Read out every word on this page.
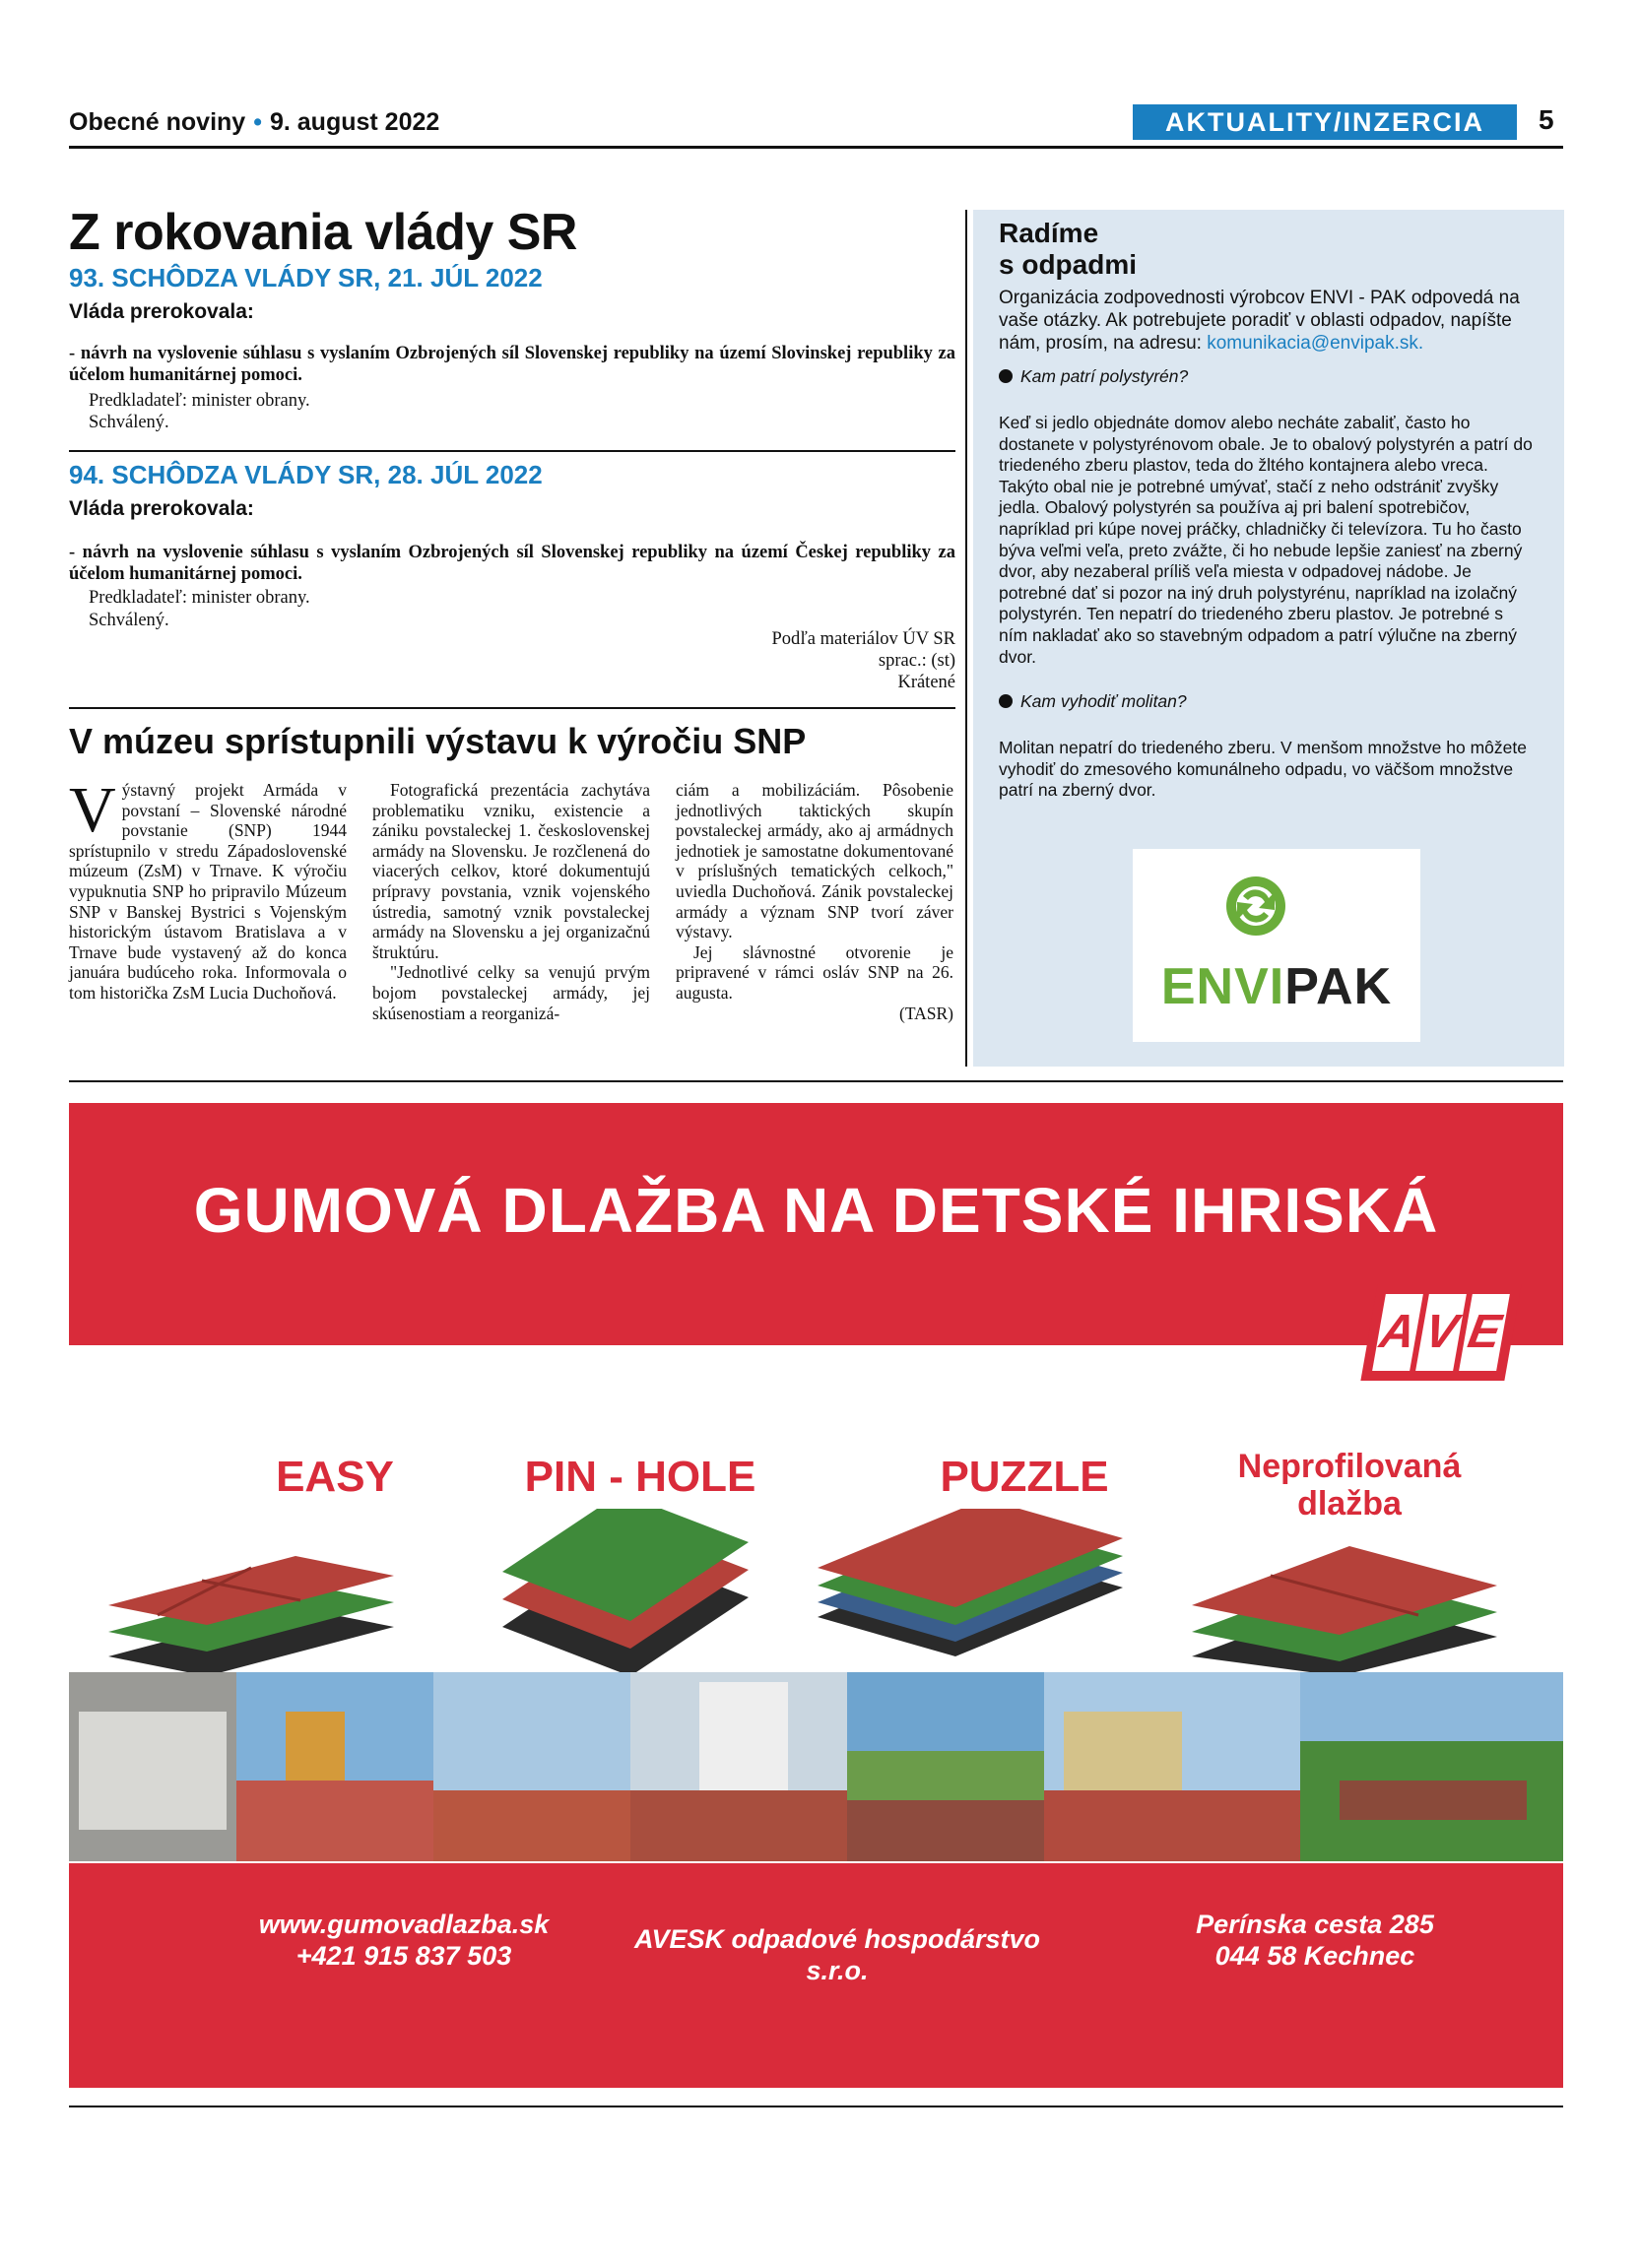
Obecné noviny • 9. august 2022	AKTUALITY/INZERCIA	5
Z rokovania vlády SR
93. SCHÔDZA VLÁDY SR, 21. JÚL 2022
Vláda prerokovala:
- návrh na vyslovenie súhlasu s vyslaním Ozbrojených síl Slovenskej republiky na území Slovinskej republiky za účelom humanitárnej pomoci.
Predkladateľ: minister obrany.
Schválený.
94. SCHÔDZA VLÁDY SR, 28. JÚL 2022
Vláda prerokovala:
- návrh na vyslovenie súhlasu s vyslaním Ozbrojených síl Slovenskej republiky na území Českej republiky za účelom humanitárnej pomoci.
Predkladateľ: minister obrany.
Schválený.
Podľa materiálov ÚV SR
sprac.: (st)
Krátené
V múzeu sprístupnili výstavu k výročiu SNP
Výstavný projekt Armáda v povstaní – Slovenské národné povstanie (SNP) 1944 sprístupnilo v stredu Západoslovenské múzeum (ZsM) v Trnave. K výročiu vypuknutia SNP ho pripravilo Múzeum SNP v Banskej Bystrici s Vojenským historickým ústavom Bratislava a v Trnave bude vystavený až do konca januára budúceho roka. Informovala o tom historička ZsM Lucia Duchoňová.
Fotografická prezentácia zachytáva problematiku vzniku, existencie a zániku povstaleckej 1. československej armády na Slovensku. Je rozčlenená do viacerých celkov, ktoré dokumentujú prípravy povstania, vznik vojenského ústredia, samotný vznik povstaleckej armády na Slovensku a jej organizačnú štruktúru.
"Jednotlivé celky sa venujú prvým bojom povstaleckej armády, jej skúsenostiam a reorganizá-
ciám a mobilizáciám. Pôsobenie jednotlivých taktických skupín povstaleckej armády, ako aj armádnych jednotiek je samostatne dokumentované v príslušných tematických celkoch," uviedla Duchoňová. Zánik povstaleckej armády a význam SNP tvorí záver výstavy.
Jej slávnostné otvorenie je pripravené v rámci osláv SNP na 26. augusta.
(TASR)
Radíme
s odpadmi
Organizácia zodpovednosti výrobcov ENVI - PAK odpovedá na vaše otázky. Ak potrebujete poradiť v oblasti odpadov, napíšte nám, prosím, na adresu: komunikacia@envipak.sk.
Kam patrí polystyrén?
Keď si jedlo objednáte domov alebo necháte zabaliť, často ho dostanete v polystyrénovom obale. Je to obalový polystyrén a patrí do triedeného zberu plastov, teda do žltého kontajnera alebo vreca. Takýto obal nie je potrebné umývať, stačí z neho odstrániť zvyšky jedla. Obalový polystyrén sa používa aj pri balení spotrebičov, napríklad pri kúpe novej práčky, chladničky či televízora. Tu ho často býva veľmi veľa, preto zvážte, či ho nebude lepšie zaniesť na zberný dvor, aby nezaberal príliš veľa miesta v odpadovej nádobe. Je potrebné dať si pozor na iný druh polystyrénu, napríklad na izolačný polystyrén. Ten nepatrí do triedeného zberu plastov. Je potrebné s ním nakladať ako so stavebným odpadom a patrí výlučne na zberný dvor.
Kam vyhodiť molitan?
Molitan nepatrí do triedeného zberu. V menšom množstve ho môžete vyhodiť do zmesového komunálneho odpadu, vo väčšom množstve patrí na zberný dvor.
ENVIPAK
GUMOVÁ DLAŽBA NA DETSKÉ IHRISKÁ
A V E
EASY	PIN - HOLE	PUZZLE	Neprofilovaná dlažba
www.gumovadlazba.sk
+421 915 837 503
AVESK odpadové hospodárstvo s.r.o.
Perínska cesta 285
044 58 Kechnec
